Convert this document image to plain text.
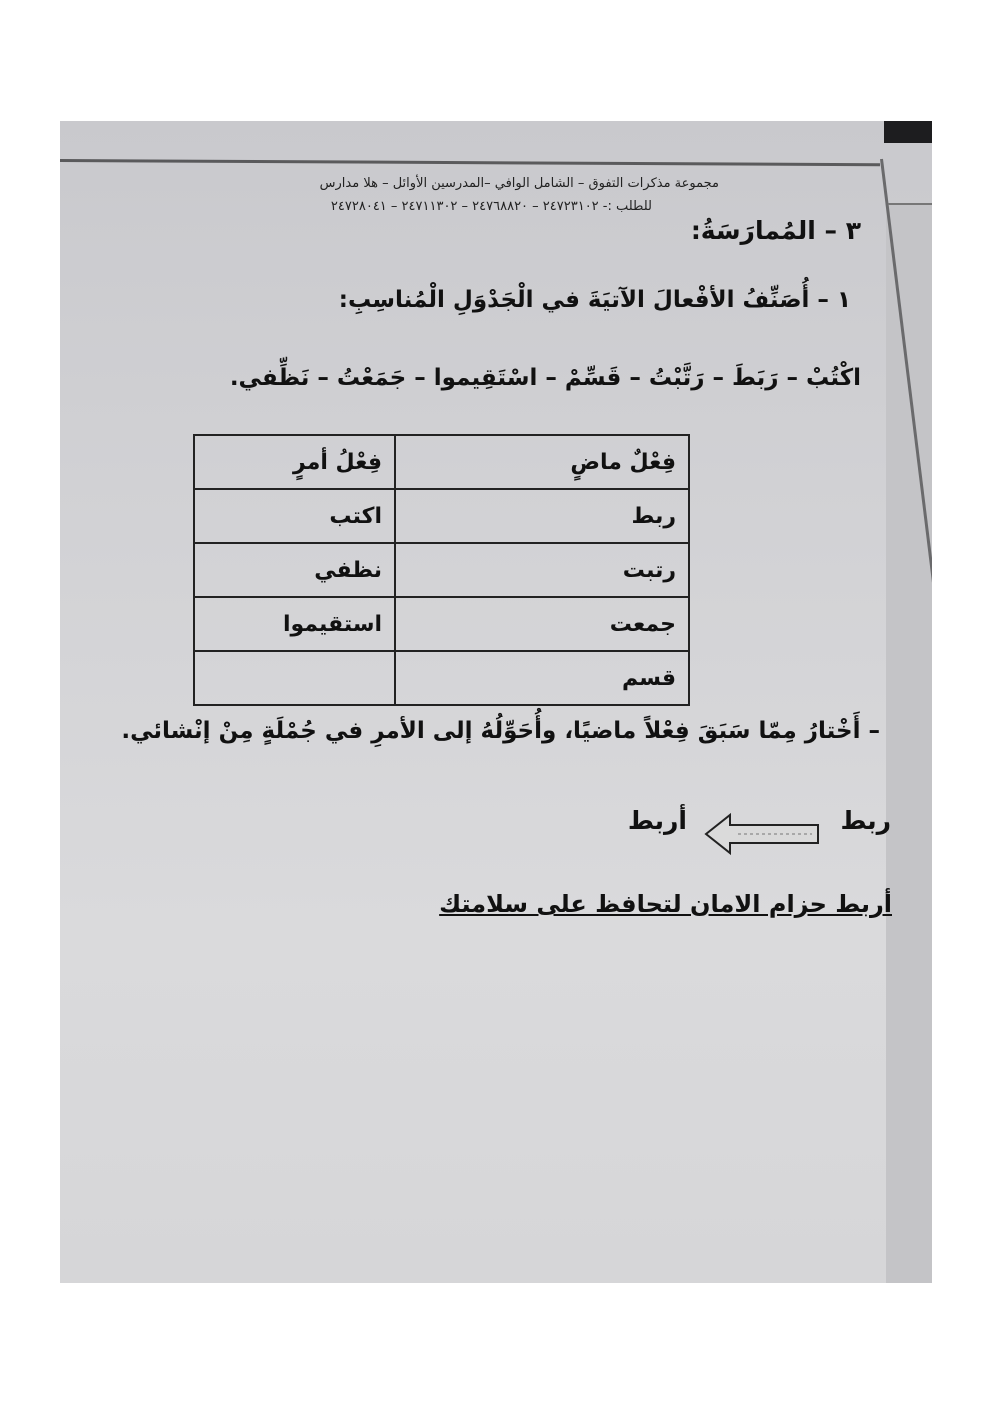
مجموعة مذكرات التفوق – الشامل الوافي –المدرسين الأوائل – هلا مدارس
للطلب :- ٢٤٧٢٣١٠٢ – ٢٤٧٦٨٨٢٠ – ٢٤٧١١٣٠٢ – ٢٤٧٢٨٠٤١
٣ – المُمارَسَةُ:
١ – أُصَنِّفُ الأفْعالَ الآتيَةَ في الْجَدْوَلِ الْمُناسِبِ:
اكْتُبْ – رَبَطَ – رَتَّبْتُ – قَسِّمْ – اسْتَقِيموا – جَمَعْتُ – نَظِّفي.
فِعْلٌ ماضٍ	فِعْلُ أمرٍ
ربط	اكتب
رتبت	نظفي
جمعت	استقيموا
قسم	
– أَخْتارُ مِمّا سَبَقَ فِعْلاً ماضيًا، وأُحَوِّلُهُ إلى الأمرِ في جُمْلَةٍ مِنْ إنْشائي.
ربط
أربط
أربط حزام الامان لتحافظ على سلامتك
